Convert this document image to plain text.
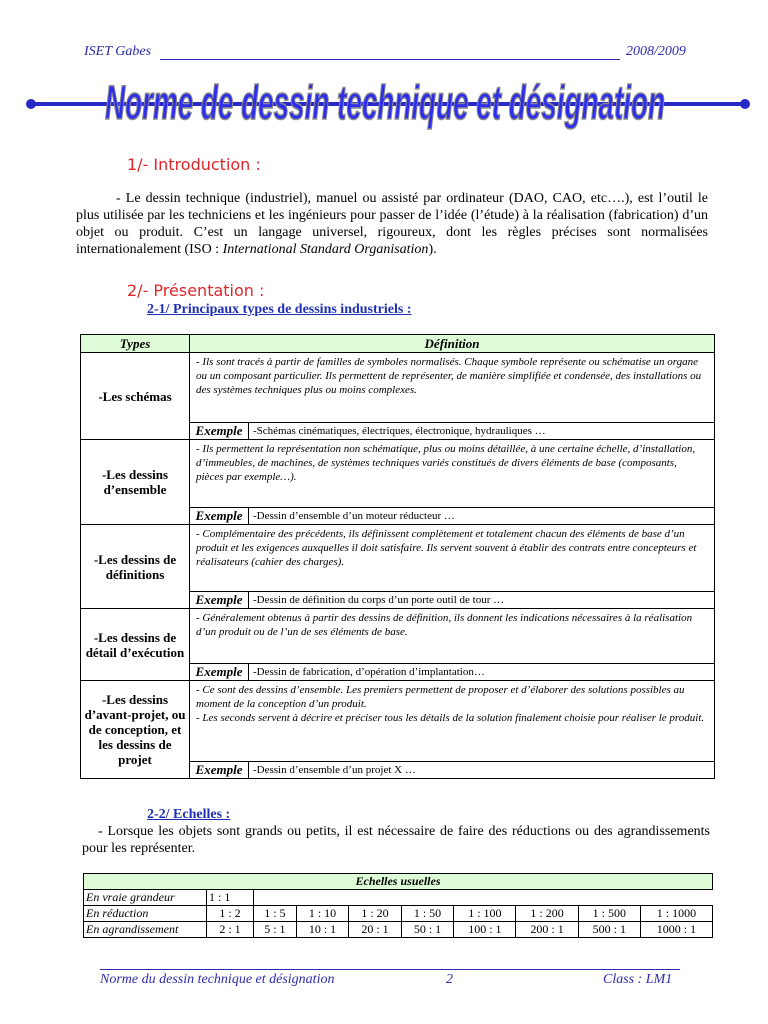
ISET Gabes	2008/2009
Norme de dessin technique et désignation
1/- Introduction :
- Le dessin technique (industriel), manuel ou assisté par ordinateur (DAO, CAO, etc….), est l’outil le plus utilisée par les techniciens et les ingénieurs pour passer de l’idée (l’étude) à la réalisation (fabrication) d’un objet ou produit. C’est un langage universel, rigoureux, dont les règles précises sont normalisées internationalement (ISO : International Standard Organisation).
2/- Présentation :
2-1/ Principaux types de dessins industriels :
Types	Définition	
-Les schémas	- Ils sont tracés à partir de familles de symboles normalisés. Chaque symbole représente ou schématise un organe ou un composant particulier. Ils permettent de représenter, de manière simplifiée et condensée, des installations ou des systèmes techniques plus ou moins complexes.	
	Exemple	-Schémas cinématiques, électriques, électronique, hydrauliques …
-Les dessins d’ensemble	- Ils permettent la représentation non schématique, plus ou moins détaillée, à une certaine échelle, d’installation, d’immeubles, de machines, de systèmes techniques variés constitués de divers éléments de base (composants, pièces par exemple…).	
	Exemple	-Dessin d’ensemble d’un moteur réducteur …
-Les dessins de définitions	- Complémentaire des précédents, ils définissent complètement et totalement chacun des éléments de base d’un produit et les exigences auxquelles il doit satisfaire. Ils servent souvent à établir des contrats entre concepteurs et réalisateurs (cahier des charges).	
	Exemple	-Dessin de définition du corps d’un porte outil de tour …
-Les dessins de détail d’exécution	- Généralement obtenus à partir des dessins de définition, ils donnent les indications nécessaires à la réalisation d’un produit ou de l’un de ses éléments de base.	
	Exemple	-Dessin de fabrication, d’opération d’implantation…
-Les dessins d’avant-projet, ou de conception, et les dessins de projet	- Ce sont des dessins d’ensemble. Les premiers permettent de proposer et d’élaborer des solutions possibles au moment de la conception d’un produit.
- Les seconds servent à décrire et préciser tous les détails de la solution finalement choisie pour réaliser le produit.	
	Exemple	-Dessin d’ensemble d’un projet X …
2-2/ Echelles :
- Lorsque les objets sont grands ou petits, il est nécessaire de faire des réductions ou des agrandissements pour les représenter.
Echelles usuelles									
En vraie grandeur	1 : 1								
En réduction	1 : 2	1 : 5	1 : 10	1 : 20	1 : 50	1 : 100	1 : 200	1 : 500	1 : 1000
En agrandissement	2 : 1	5 : 1	10 : 1	20 : 1	50 : 1	100 : 1	200 : 1	500 : 1	1000 : 1
Norme du dessin technique et désignation	2	Class : LM1
